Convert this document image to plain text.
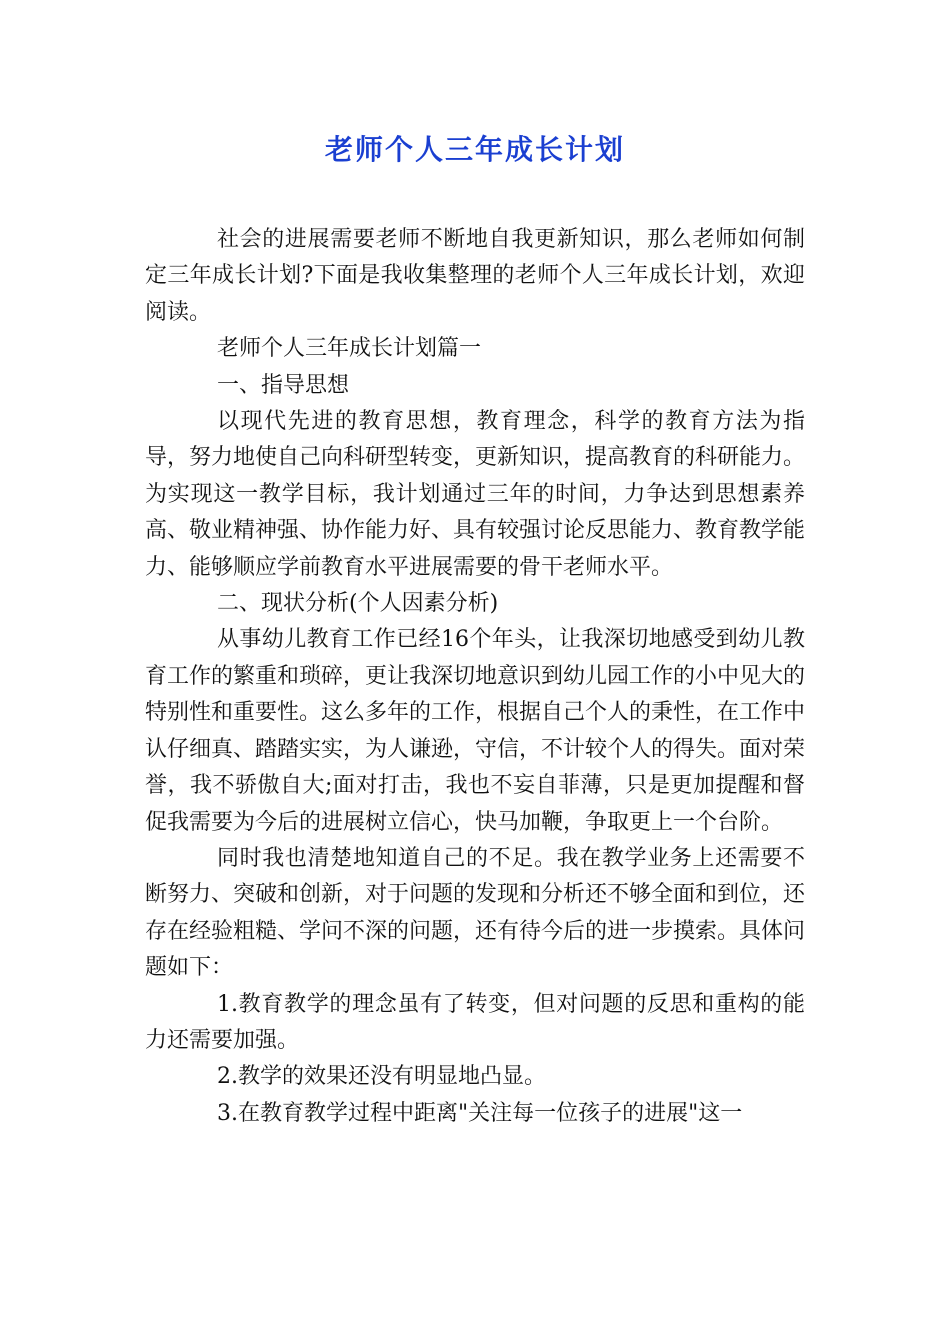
老师个人三年成长计划

社会的进展需要老师不断地自我更新知识，那么老师如何制定三年成长计划?下面是我收集整理的老师个人三年成长计划，欢迎阅读。

老师个人三年成长计划篇一

一、指导思想

以现代先进的教育思想，教育理念，科学的教育方法为指导，努力地使自己向科研型转变，更新知识，提高教育的科研能力。为实现这一教学目标，我计划通过三年的时间，力争达到思想素养高、敬业精神强、协作能力好、具有较强讨论反思能力、教育教学能力、能够顺应学前教育水平进展需要的骨干老师水平。

二、现状分析(个人因素分析)

从事幼儿教育工作已经16个年头，让我深切地感受到幼儿教育工作的繁重和琐碎，更让我深切地意识到幼儿园工作的小中见大的特别性和重要性。这么多年的工作，根据自己个人的秉性，在工作中认仔细真、踏踏实实，为人谦逊，守信，不计较个人的得失。面对荣誉，我不骄傲自大;面对打击，我也不妄自菲薄，只是更加提醒和督促我需要为今后的进展树立信心，快马加鞭，争取更上一个台阶。

同时我也清楚地知道自己的不足。我在教学业务上还需要不断努力、突破和创新，对于问题的发现和分析还不够全面和到位，还存在经验粗糙、学问不深的问题，还有待今后的进一步摸索。具体问题如下：

1.教育教学的理念虽有了转变，但对问题的反思和重构的能力还需要加强。

2.教学的效果还没有明显地凸显。

3.在教育教学过程中距离"关注每一位孩子的进展"这一
